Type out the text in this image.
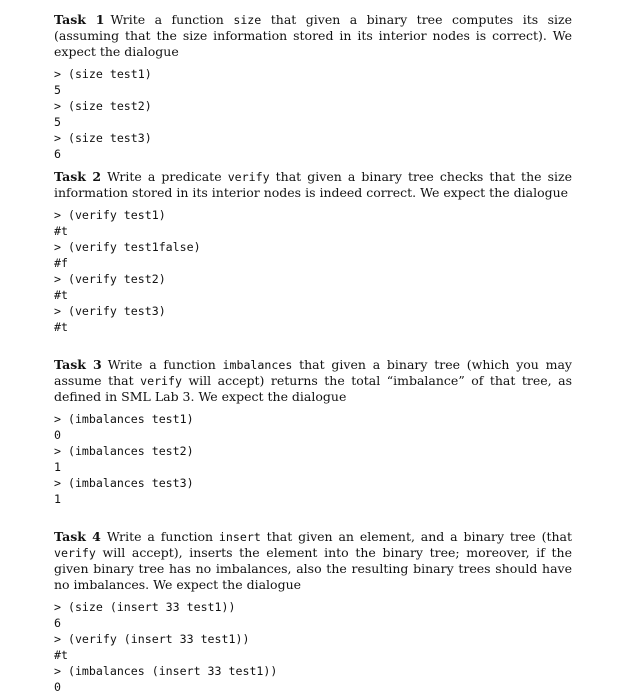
Task 1 Write a function size that given a binary tree computes its size (assuming that the size information stored in its interior nodes is correct). We expect the dialogue

> (size test1)
5
> (size test2)
5
> (size test3)
6

Task 2 Write a predicate verify that given a binary tree checks that the size information stored in its interior nodes is indeed correct. We expect the dialogue

> (verify test1)
#t
> (verify test1false)
#f
> (verify test2)
#t
> (verify test3)
#t

Task 3 Write a function imbalances that given a binary tree (which you may assume that verify will accept) returns the total “imbalance” of that tree, as defined in SML Lab 3. We expect the dialogue

> (imbalances test1)
0
> (imbalances test2)
1
> (imbalances test3)
1

Task 4 Write a function insert that given an element, and a binary tree (that verify will accept), inserts the element into the binary tree; moreover, if the given binary tree has no imbalances, also the resulting binary trees should have no imbalances. We expect the dialogue

> (size (insert 33 test1))
6
> (verify (insert 33 test1))
#t
> (imbalances (insert 33 test1))
0
